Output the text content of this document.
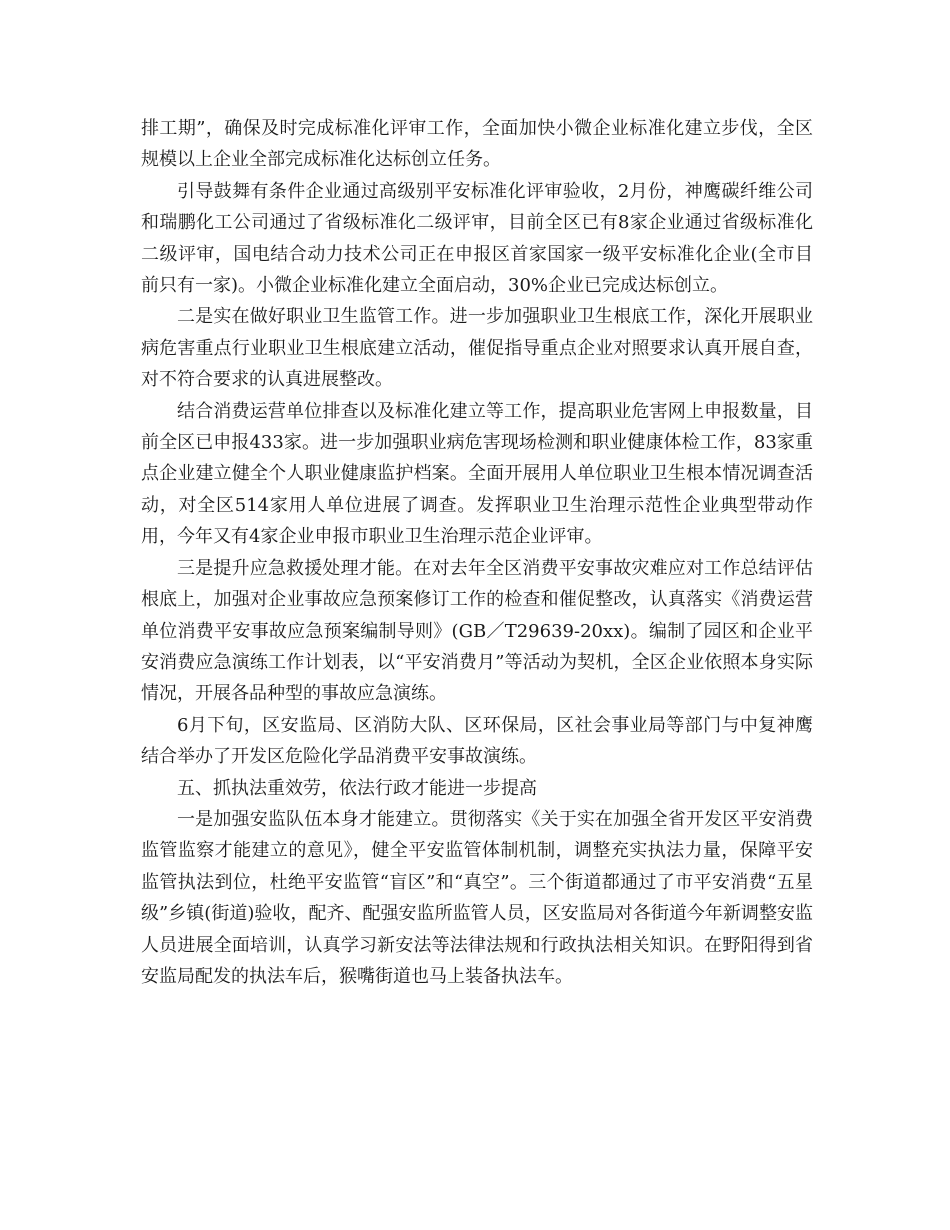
排工期”，确保及时完成标准化评审工作，全面加快小微企业标准化建立步伐，全区规模以上企业全部完成标准化达标创立任务。

引导鼓舞有条件企业通过高级别平安标准化评审验收，2月份，神鹰碳纤维公司和瑞鹏化工公司通过了省级标准化二级评审，目前全区已有8家企业通过省级标准化二级评审，国电结合动力技术公司正在申报区首家国家一级平安标准化企业(全市目前只有一家)。小微企业标准化建立全面启动，30%企业已完成达标创立。

二是实在做好职业卫生监管工作。进一步加强职业卫生根底工作，深化开展职业病危害重点行业职业卫生根底建立活动，催促指导重点企业对照要求认真开展自查，对不符合要求的认真进展整改。

结合消费运营单位排查以及标准化建立等工作，提高职业危害网上申报数量，目前全区已申报433家。进一步加强职业病危害现场检测和职业健康体检工作，83家重点企业建立健全个人职业健康监护档案。全面开展用人单位职业卫生根本情况调查活动，对全区514家用人单位进展了调查。发挥职业卫生治理示范性企业典型带动作用，今年又有4家企业申报市职业卫生治理示范企业评审。

三是提升应急救援处理才能。在对去年全区消费平安事故灾难应对工作总结评估根底上，加强对企业事故应急预案修订工作的检查和催促整改，认真落实《消费运营单位消费平安事故应急预案编制导则》(GB／T29639-20xx)。编制了园区和企业平安消费应急演练工作计划表，以“平安消费月”等活动为契机，全区企业依照本身实际情况，开展各品种型的事故应急演练。

6月下旬，区安监局、区消防大队、区环保局，区社会事业局等部门与中复神鹰结合举办了开发区危险化学品消费平安事故演练。

五、抓执法重效劳，依法行政才能进一步提高

一是加强安监队伍本身才能建立。贯彻落实《关于实在加强全省开发区平安消费监管监察才能建立的意见》，健全平安监管体制机制，调整充实执法力量，保障平安监管执法到位，杜绝平安监管“盲区”和“真空”。三个街道都通过了市平安消费“五星级”乡镇(街道)验收，配齐、配强安监所监管人员，区安监局对各街道今年新调整安监人员进展全面培训，认真学习新安法等法律法规和行政执法相关知识。在野阳得到省安监局配发的执法车后，猴嘴街道也马上装备执法车。
